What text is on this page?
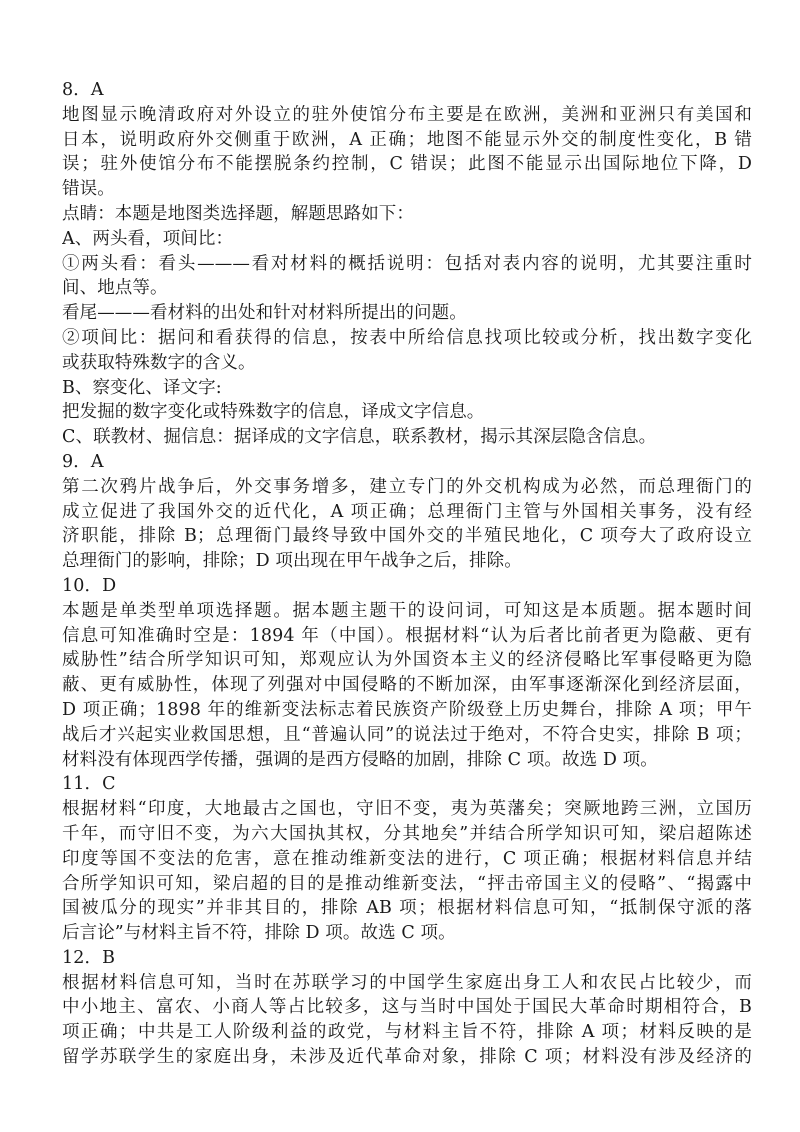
8．A
地图显示晚清政府对外设立的驻外使馆分布主要是在欧洲，美洲和亚洲只有美国和
日本，说明政府外交侧重于欧洲，A 正确；地图不能显示外交的制度性变化，B 错
误；驻外使馆分布不能摆脱条约控制，C 错误；此图不能显示出国际地位下降，D
错误。
点睛：本题是地图类选择题，解题思路如下：
A、两头看，项间比：
①两头看：看头———看对材料的概括说明：包括对表内容的说明，尤其要注重时
间、地点等。
看尾———看材料的出处和针对材料所提出的问题。
②项间比：据问和看获得的信息，按表中所给信息找项比较或分析，找出数字变化
或获取特殊数字的含义。
B、察变化、译文字:
把发掘的数字变化或特殊数字的信息，译成文字信息。
C、联教材、掘信息：据译成的文字信息，联系教材，揭示其深层隐含信息。
9．A
第二次鸦片战争后，外交事务增多，建立专门的外交机构成为必然，而总理衙门的
成立促进了我国外交的近代化，A 项正确；总理衙门主管与外国相关事务，没有经
济职能，排除 B；总理衙门最终导致中国外交的半殖民地化，C 项夸大了政府设立
总理衙门的影响，排除；D 项出现在甲午战争之后，排除。
10．D
本题是单类型单项选择题。据本题主题干的设问词，可知这是本质题。据本题时间
信息可知准确时空是：1894 年（中国）。根据材料“认为后者比前者更为隐蔽、更有
威胁性”结合所学知识可知，郑观应认为外国资本主义的经济侵略比军事侵略更为隐
蔽、更有威胁性，体现了列强对中国侵略的不断加深，由军事逐渐深化到经济层面，
D 项正确；1898 年的维新变法标志着民族资产阶级登上历史舞台，排除 A 项；甲午
战后才兴起实业救国思想，且“普遍认同”的说法过于绝对，不符合史实，排除 B 项；
材料没有体现西学传播，强调的是西方侵略的加剧，排除 C 项。故选 D 项。
11．C
根据材料“印度，大地最古之国也，守旧不变，夷为英藩矣；突厥地跨三洲，立国历
千年，而守旧不变，为六大国执其权，分其地矣”并结合所学知识可知，梁启超陈述
印度等国不变法的危害，意在推动维新变法的进行，C 项正确；根据材料信息并结
合所学知识可知，梁启超的目的是推动维新变法，“抨击帝国主义的侵略”、“揭露中
国被瓜分的现实”并非其目的，排除 AB 项；根据材料信息可知，“抵制保守派的落
后言论”与材料主旨不符，排除 D 项。故选 C 项。
12．B
根据材料信息可知，当时在苏联学习的中国学生家庭出身工人和农民占比较少，而
中小地主、富农、小商人等占比较多，这与当时中国处于国民大革命时期相符合，B
项正确；中共是工人阶级利益的政党，与材料主旨不符，排除 A 项；材料反映的是
留学苏联学生的家庭出身，未涉及近代革命对象，排除 C 项；材料没有涉及经济的
